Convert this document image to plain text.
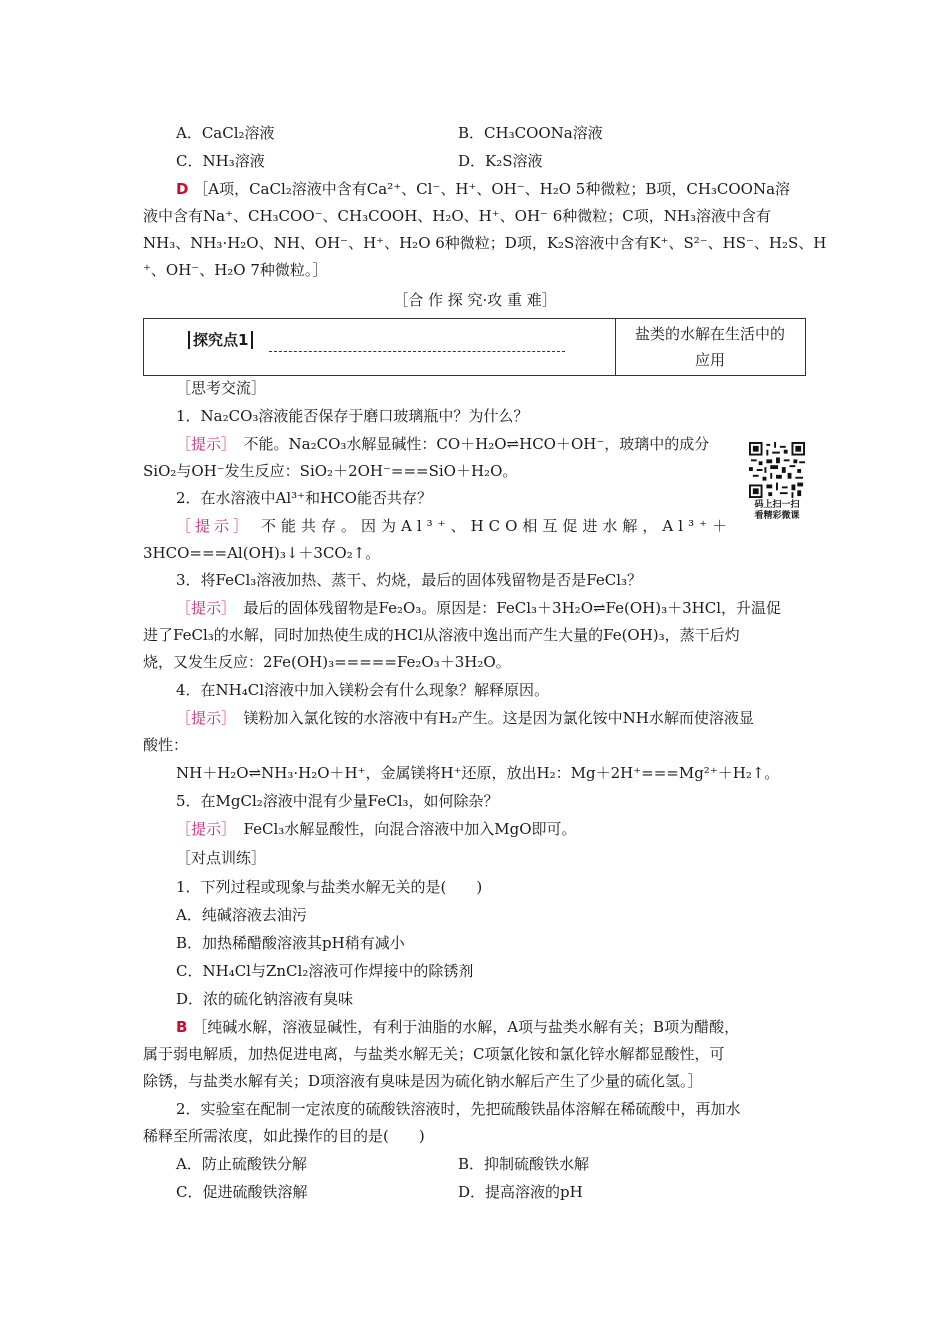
A．CaCl₂溶液	B．CH₃COONa溶液
C．NH₃溶液	D．K₂S溶液
D ［A项，CaCl₂溶液中含有Ca²⁺、Cl⁻、H⁺、OH⁻、H₂O 5种微粒；B项，CH₃COONa溶
液中含有Na⁺、CH₃COO⁻、CH₃COOH、H₂O、H⁺、OH⁻ 6种微粒；C项，NH₃溶液中含有
NH₃、NH₃·H₂O、NH、OH⁻、H⁺、H₂O 6种微粒；D项，K₂S溶液中含有K⁺、S²⁻、HS⁻、H₂S、H
⁺、OH⁻、H₂O 7种微粒。］
［合 作 探 究·攻 重 难］
探究点1	盐类的水解在生活中的
应用
［思考交流］
1．Na₂CO₃溶液能否保存于磨口玻璃瓶中？为什么？
［提示］　不能。Na₂CO₃水解显碱性：CO＋H₂O⇌HCO＋OH⁻，玻璃中的成分
SiO₂与OH⁻发生反应：SiO₂＋2OH⁻===SiO＋H₂O。
2．在水溶液中Al³⁺和HCO能否共存？
［提示］ 不能共存。因为Al³⁺、HCO相互促进水解，Al³⁺＋
3HCO===Al(OH)₃↓＋3CO₂↑。
3．将FeCl₃溶液加热、蒸干、灼烧，最后的固体残留物是否是FeCl₃？
［提示］　最后的固体残留物是Fe₂O₃。原因是：FeCl₃＋3H₂O⇌Fe(OH)₃＋3HCl，升温促
进了FeCl₃的水解，同时加热使生成的HCl从溶液中逸出而产生大量的Fe(OH)₃，蒸干后灼
烧，又发生反应：2Fe(OH)₃=====Fe₂O₃＋3H₂O。
4．在NH₄Cl溶液中加入镁粉会有什么现象？解释原因。
［提示］　镁粉加入氯化铵的水溶液中有H₂产生。这是因为氯化铵中NH水解而使溶液显
酸性：
NH＋H₂O⇌NH₃·H₂O＋H⁺，金属镁将H⁺还原，放出H₂：Mg＋2H⁺===Mg²⁺＋H₂↑。
5．在MgCl₂溶液中混有少量FeCl₃，如何除杂？
［提示］　FeCl₃水解显酸性，向混合溶液中加入MgO即可。
码上扫一扫
看精彩微课
［对点训练］
1．下列过程或现象与盐类水解无关的是(　　)
A．纯碱溶液去油污
B．加热稀醋酸溶液其pH稍有减小
C．NH₄Cl与ZnCl₂溶液可作焊接中的除锈剂
D．浓的硫化钠溶液有臭味
B ［纯碱水解，溶液显碱性，有利于油脂的水解，A项与盐类水解有关；B项为醋酸，
属于弱电解质，加热促进电离，与盐类水解无关；C项氯化铵和氯化锌水解都显酸性，可
除锈，与盐类水解有关；D项溶液有臭味是因为硫化钠水解后产生了少量的硫化氢。］
2．实验室在配制一定浓度的硫酸铁溶液时，先把硫酸铁晶体溶解在稀硫酸中，再加水
稀释至所需浓度，如此操作的目的是(　　)
A．防止硫酸铁分解	B．抑制硫酸铁水解
C．促进硫酸铁溶解	D．提高溶液的pH
